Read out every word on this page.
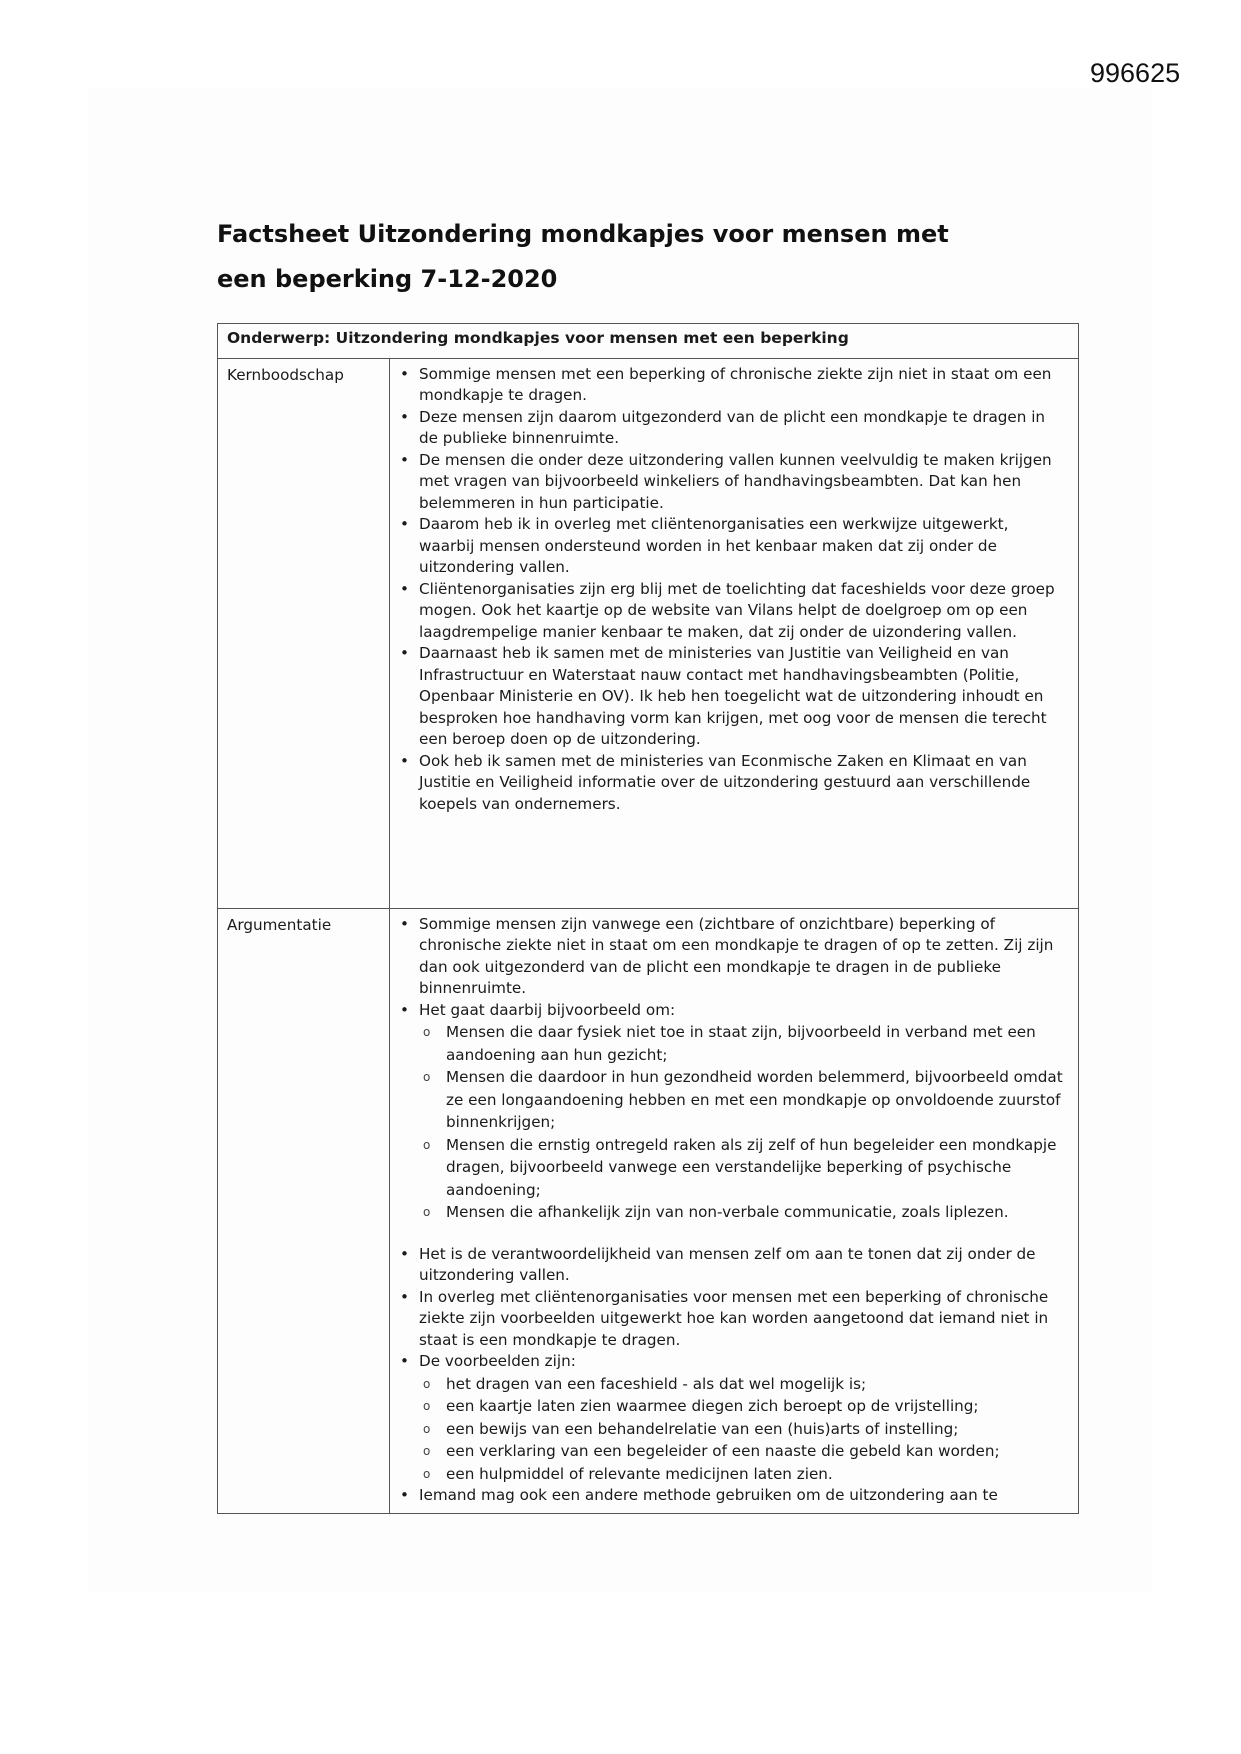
996625
Factsheet Uitzondering mondkapjes voor mensen met
een beperking 7-12-2020
Onderwerp: Uitzondering mondkapjes voor mensen met een beperking	
Kernboodschap	
•Sommige mensen met een beperking of chronische ziekte zijn niet in staat om een mondkapje te dragen.
• Deze mensen zijn daarom uitgezonderd van de plicht een mondkapje te dragen in de publieke binnenruimte.
• De mensen die onder deze uitzondering vallen kunnen veelvuldig te maken krijgen met vragen van bijvoorbeeld winkeliers of handhavingsbeambten. Dat kan hen belemmeren in hun participatie.
• Daarom heb ik in overleg met cliëntenorganisaties een werkwijze uitgewerkt, waarbij mensen ondersteund worden in het kenbaar maken dat zij onder de uitzondering vallen.
• Cliëntenorganisaties zijn erg blij met de toelichting dat faceshields voor deze groep mogen. Ook het kaartje op de website van Vilans helpt de doelgroep om op een laagdrempelige manier kenbaar te maken, dat zij onder de uizondering vallen.
• Daarnaast heb ik samen met de ministeries van Justitie van Veiligheid en van Infrastructuur en Waterstaat nauw contact met handhavingsbeambten (Politie, Openbaar Ministerie en OV). Ik heb hen toegelicht wat de uitzondering inhoudt en besproken hoe handhaving vorm kan krijgen, met oog voor de mensen die terecht een beroep doen op de uitzondering.
• Ook heb ik samen met de ministeries van Econmische Zaken en Klimaat en van Justitie en Veiligheid informatie over de uitzondering gestuurd aan verschillende koepels van ondernemers.

Argumentatie	
•Sommige mensen zijn vanwege een (zichtbare of onzichtbare) beperking of chronische ziekte niet in staat om een mondkapje te dragen of op te zetten. Zij zijn dan ook uitgezonderd van de plicht een mondkapje te dragen in de publieke binnenruimte.
• Het gaat daarbij bijvoorbeeld om:
o Mensen die daar fysiek niet toe in staat zijn, bijvoorbeeld in verband met een aandoening aan hun gezicht;
o Mensen die daardoor in hun gezondheid worden belemmerd, bijvoorbeeld omdat ze een longaandoening hebben en met een mondkapje op onvoldoende zuurstof binnenkrijgen;
o Mensen die ernstig ontregeld raken als zij zelf of hun begeleider een mondkapje dragen, bijvoorbeeld vanwege een verstandelijke beperking of psychische aandoening;
o Mensen die afhankelijk zijn van non-verbale communicatie, zoals liplezen.
• Het is de verantwoordelijkheid van mensen zelf om aan te tonen dat zij onder de uitzondering vallen.
• In overleg met cliëntenorganisaties voor mensen met een beperking of chronische ziekte zijn voorbeelden uitgewerkt hoe kan worden aangetoond dat iemand niet in staat is een mondkapje te dragen.
• De voorbeelden zijn:
o het dragen van een faceshield - als dat wel mogelijk is;
o een kaartje laten zien waarmee diegen zich beroept op de vrijstelling;
o een bewijs van een behandelrelatie van een (huis)arts of instelling;
o een verklaring van een begeleider of een naaste die gebeld kan worden;
o een hulpmiddel of relevante medicijnen laten zien.
• Iemand mag ook een andere methode gebruiken om de uitzondering aan te
